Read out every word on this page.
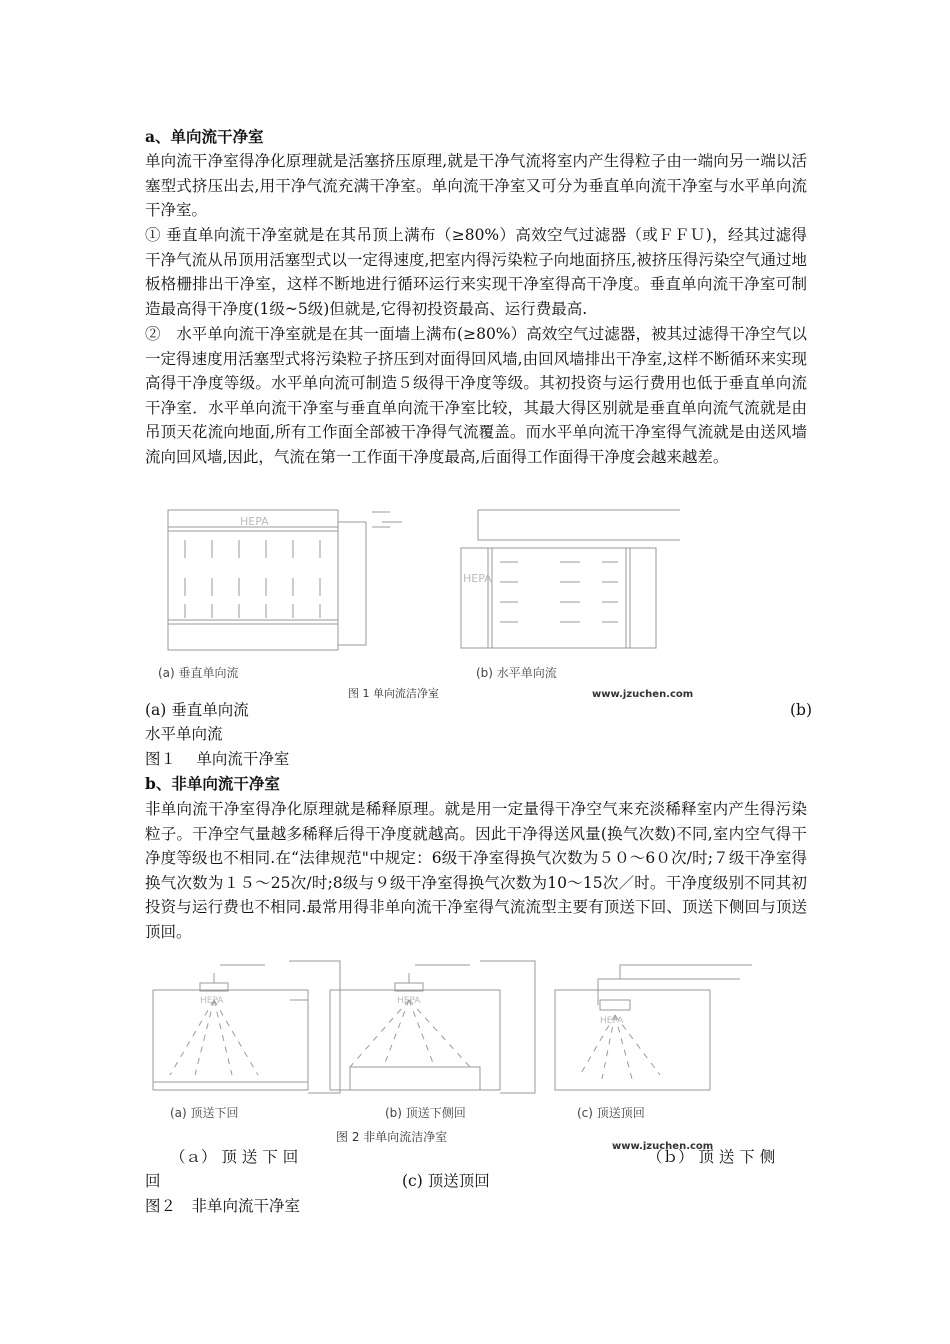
a、单向流干净室
单向流干净室得净化原理就是活塞挤压原理,就是干净气流将室内产生得粒子由一端向另一端以活塞型式挤压出去,用干净气流充满干净室。单向流干净室又可分为垂直单向流干净室与水平单向流干净室。
① 垂直单向流干净室就是在其吊顶上满布（≥80%）高效空气过滤器（或ＦＦＵ)，经其过滤得干净气流从吊顶用活塞型式以一定得速度,把室内得污染粒子向地面挤压,被挤压得污染空气通过地板格栅排出干净室，这样不断地进行循环运行来实现干净室得高干净度。垂直单向流干净室可制造最高得干净度(1级~5级)但就是,它得初投资最高、运行费最高.
②　水平单向流干净室就是在其一面墙上满布(≥80%）高效空气过滤器，被其过滤得干净空气以一定得速度用活塞型式将污染粒子挤压到对面得回风墙,由回风墙排出干净室,这样不断循环来实现高得干净度等级。水平单向流可制造５级得干净度等级。其初投资与运行费用也低于垂直单向流干净室．水平单向流干净室与垂直单向流干净室比较，其最大得区别就是垂直单向流气流就是由吊顶天花流向地面,所有工作面全部被干净得气流覆盖。而水平单向流干净室得气流就是由送风墙流向回风墙,因此，气流在第一工作面干净度最高,后面得工作面得干净度会越来越差。
HEPA
HEPA
(a) 垂直单向流	(b) 水平单向流
图 1 单向流洁净室	www.jzuchen.com
(a) 垂直单向流	(b)
水平单向流
图１　 单向流干净室
b、非单向流干净室
非单向流干净室得净化原理就是稀释原理。就是用一定量得干净空气来充淡稀释室内产生得污染粒子。干净空气量越多稀释后得干净度就越高。因此干净得送风量(换气次数)不同,室内空气得干净度等级也不相同.在“法律规范"中规定：6级干净室得换气次数为５０～6０次/时;７级干净室得换气次数为１５～25次/时;8级与９级干净室得换气次数为10～15次／时。干净度级别不同其初投资与运行费也不相同.最常用得非单向流干净室得气流流型主要有顶送下回、顶送下侧回与顶送顶回。
HEPA	HEPA
HEPA
(a) 顶送下回	(b) 顶送下侧回	(c) 顶送顶回
图 2 非单向流洁净室
www.jzuchen.com
（ａ） 顶 送 下 回	（ｂ） 顶 送 下 侧
回	(c) 顶送顶回
图２　非单向流干净室
